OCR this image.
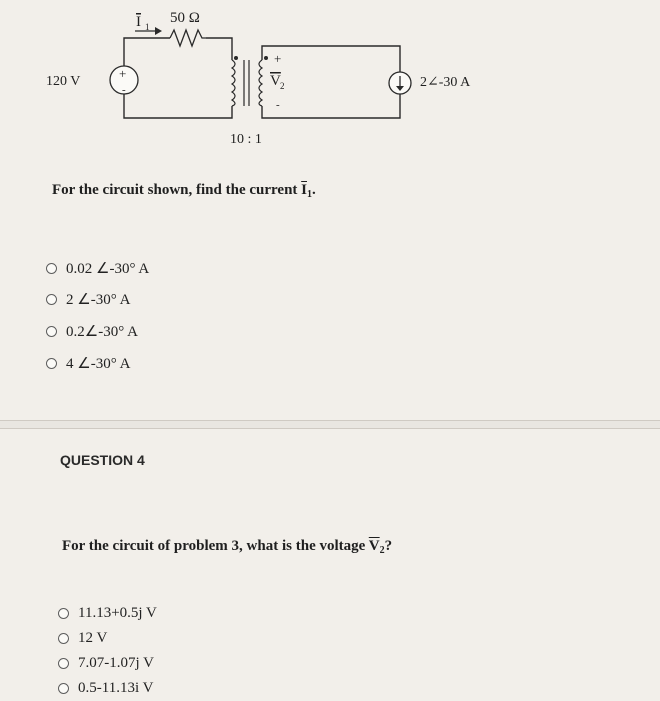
I 1
50 Ω
120 V
+
-
+
V 2
-
2∠-30 A
10 : 1
For the circuit shown, find the current $\overline{I}_1$.
0.02 ∠-30° A
2 ∠-30° A
0.2∠-30° A
4 ∠-30° A
QUESTION 4
For the circuit of problem 3, what is the voltage $\overline{V}_2$?
11.13+0.5j V
12 V
7.07-1.07j V
0.5-11.13i V
